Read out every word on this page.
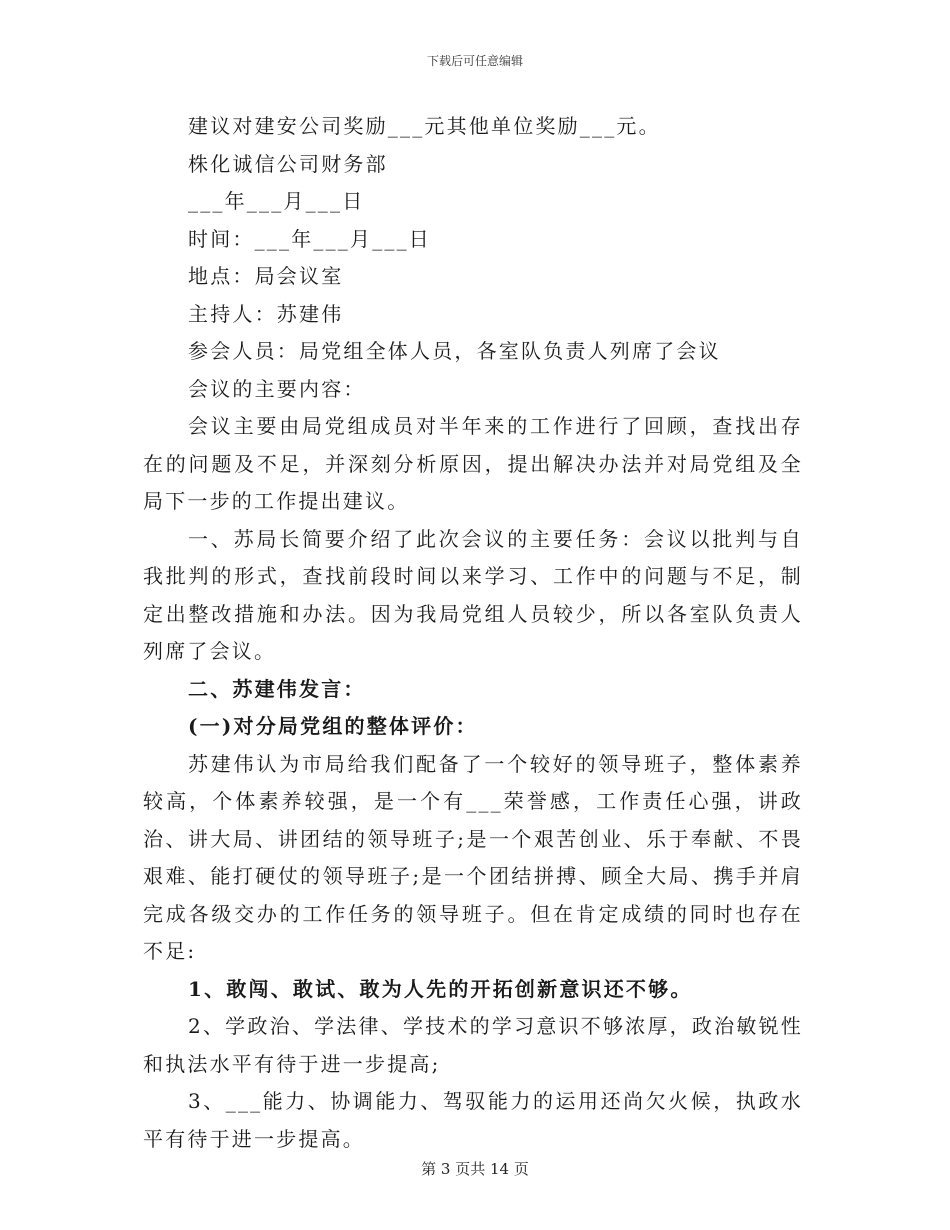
下载后可任意编辑

建议对建安公司奖励___元其他单位奖励___元。

株化诚信公司财务部

___年___月___日

时间：___年___月___日

地点：局会议室

主持人：苏建伟

参会人员：局党组全体人员，各室队负责人列席了会议

会议的主要内容：

会议主要由局党组成员对半年来的工作进行了回顾，查找出存在的问题及不足，并深刻分析原因，提出解决办法并对局党组及全局下一步的工作提出建议。

一、苏局长简要介绍了此次会议的主要任务：会议以批判与自我批判的形式，查找前段时间以来学习、工作中的问题与不足，制定出整改措施和办法。因为我局党组人员较少，所以各室队负责人列席了会议。

二、苏建伟发言：

(一)对分局党组的整体评价：

苏建伟认为市局给我们配备了一个较好的领导班子，整体素养较高，个体素养较强，是一个有___荣誉感，工作责任心强，讲政治、讲大局、讲团结的领导班子;是一个艰苦创业、乐于奉献、不畏艰难、能打硬仗的领导班子;是一个团结拼搏、顾全大局、携手并肩完成各级交办的工作任务的领导班子。但在肯定成绩的同时也存在不足:

1、敢闯、敢试、敢为人先的开拓创新意识还不够。

2、学政治、学法律、学技术的学习意识不够浓厚，政治敏锐性和执法水平有待于进一步提高;

3、___能力、协调能力、驾驭能力的运用还尚欠火候，执政水平有待于进一步提高。

第 3 页共 14 页
